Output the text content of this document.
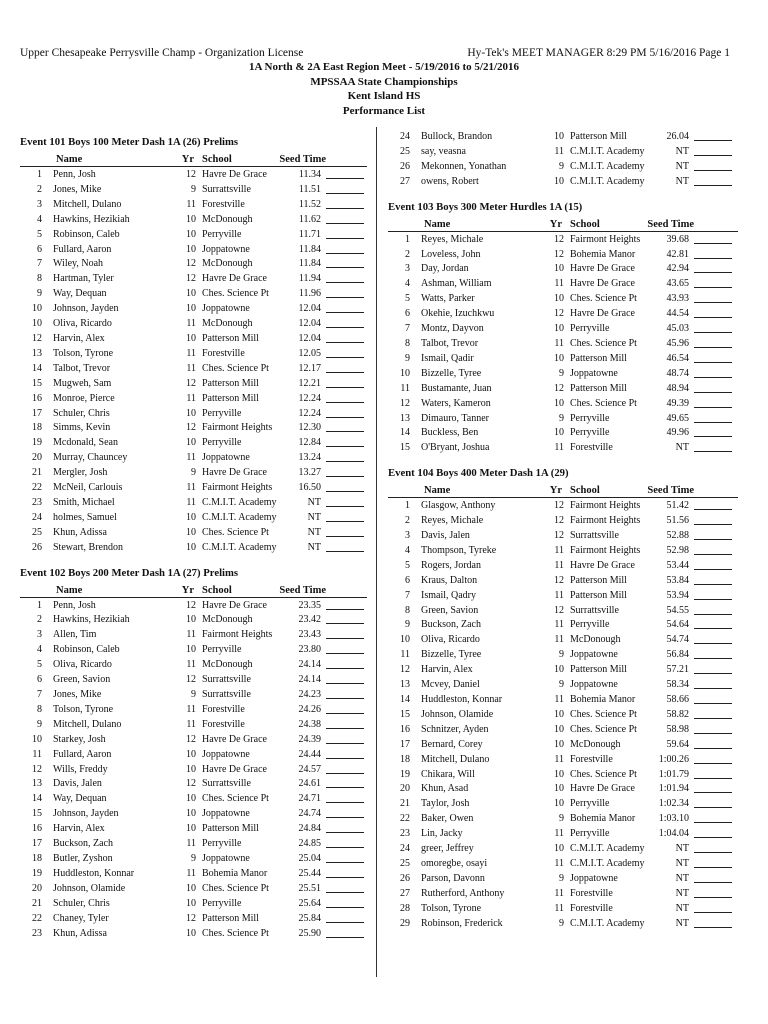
Upper Chesapeake Perrysville Champ - Organization License	Hy-Tek's MEET MANAGER 8:29 PM 5/16/2016 Page 1
1A North & 2A East Region Meet - 5/19/2016 to 5/21/2016
MPSSAA State Championships
Kent Island HS
Performance List
Event 101 Boys 100 Meter Dash 1A (26) Prelims
Name	Yr School	Seed Time
1 Penn, Josh	12 Havre De Grace	11.34
2 Jones, Mike	9 Surrattsville	11.51
3 Mitchell, Dulano	11 Forestville	11.52
4 Hawkins, Hezikiah	10 McDonough	11.62
5 Robinson, Caleb	10 Perryville	11.71
6 Fullard, Aaron	10 Joppatowne	11.84
7 Wiley, Noah	12 McDonough	11.84
8 Hartman, Tyler	12 Havre De Grace	11.94
9 Way, Dequan	10 Ches. Science Pt	11.96
10 Johnson, Jayden	10 Joppatowne	12.04
10 Oliva, Ricardo	11 McDonough	12.04
12 Harvin, Alex	10 Patterson Mill	12.04
13 Tolson, Tyrone	11 Forestville	12.05
14 Talbot, Trevor	11 Ches. Science Pt	12.17
15 Mugweh, Sam	12 Patterson Mill	12.21
16 Monroe, Pierce	11 Patterson Mill	12.24
17 Schuler, Chris	10 Perryville	12.24
18 Simms, Kevin	12 Fairmont Heights	12.30
19 Mcdonald, Sean	10 Perryville	12.84
20 Murray, Chauncey	11 Joppatowne	13.24
21 Mergler, Josh	9 Havre De Grace	13.27
22 McNeil, Carlouis	11 Fairmont Heights	16.50
23 Smith, Michael	11 C.M.I.T. Academy	NT
24 holmes, Samuel	10 C.M.I.T. Academy	NT
25 Khun, Adissa	10 Ches. Science Pt	NT
26 Stewart, Brendon	10 C.M.I.T. Academy	NT
Event 102 Boys 200 Meter Dash 1A (27) Prelims
Name	Yr School	Seed Time
1 Penn, Josh	12 Havre De Grace	23.35
2 Hawkins, Hezikiah	10 McDonough	23.42
3 Allen, Tim	11 Fairmont Heights	23.43
4 Robinson, Caleb	10 Perryville	23.80
5 Oliva, Ricardo	11 McDonough	24.14
6 Green, Savion	12 Surrattsville	24.14
7 Jones, Mike	9 Surrattsville	24.23
8 Tolson, Tyrone	11 Forestville	24.26
9 Mitchell, Dulano	11 Forestville	24.38
10 Starkey, Josh	12 Havre De Grace	24.39
11 Fullard, Aaron	10 Joppatowne	24.44
12 Wills, Freddy	10 Havre De Grace	24.57
13 Davis, Jalen	12 Surrattsville	24.61
14 Way, Dequan	10 Ches. Science Pt	24.71
15 Johnson, Jayden	10 Joppatowne	24.74
16 Harvin, Alex	10 Patterson Mill	24.84
17 Buckson, Zach	11 Perryville	24.85
18 Butler, Zyshon	9 Joppatowne	25.04
19 Huddleston, Konnar	11 Bohemia Manor	25.44
20 Johnson, Olamide	10 Ches. Science Pt	25.51
21 Schuler, Chris	10 Perryville	25.64
22 Chaney, Tyler	12 Patterson Mill	25.84
23 Khun, Adissa	10 Ches. Science Pt	25.90
24 Bullock, Brandon	10 Patterson Mill	26.04
25 say, veasna	11 C.M.I.T. Academy	NT
26 Mekonnen, Yonathan	9 C.M.I.T. Academy	NT
27 owens, Robert	10 C.M.I.T. Academy	NT
Event 103 Boys 300 Meter Hurdles 1A (15)
Name	Yr School	Seed Time
1 Reyes, Michale	12 Fairmont Heights	39.68
2 Loveless, John	12 Bohemia Manor	42.81
3 Day, Jordan	10 Havre De Grace	42.94
4 Ashman, William	11 Havre De Grace	43.65
5 Watts, Parker	10 Ches. Science Pt	43.93
6 Okehie, Izuchkwu	12 Havre De Grace	44.54
7 Montz, Dayvon	10 Perryville	45.03
8 Talbot, Trevor	11 Ches. Science Pt	45.96
9 Ismail, Qadir	10 Patterson Mill	46.54
10 Bizzelle, Tyree	9 Joppatowne	48.74
11 Bustamante, Juan	12 Patterson Mill	48.94
12 Waters, Kameron	10 Ches. Science Pt	49.39
13 Dimauro, Tanner	9 Perryville	49.65
14 Buckless, Ben	10 Perryville	49.96
15 O'Bryant, Joshua	11 Forestville	NT
Event 104 Boys 400 Meter Dash 1A (29)
Name	Yr School	Seed Time
1 Glasgow, Anthony	12 Fairmont Heights	51.42
2 Reyes, Michale	12 Fairmont Heights	51.56
3 Davis, Jalen	12 Surrattsville	52.88
4 Thompson, Tyreke	11 Fairmont Heights	52.98
5 Rogers, Jordan	11 Havre De Grace	53.44
6 Kraus, Dalton	12 Patterson Mill	53.84
7 Ismail, Qadry	11 Patterson Mill	53.94
8 Green, Savion	12 Surrattsville	54.55
9 Buckson, Zach	11 Perryville	54.64
10 Oliva, Ricardo	11 McDonough	54.74
11 Bizzelle, Tyree	9 Joppatowne	56.84
12 Harvin, Alex	10 Patterson Mill	57.21
13 Mcvey, Daniel	9 Joppatowne	58.34
14 Huddleston, Konnar	11 Bohemia Manor	58.66
15 Johnson, Olamide	10 Ches. Science Pt	58.82
16 Schnitzer, Ayden	10 Ches. Science Pt	58.98
17 Bernard, Corey	10 McDonough	59.64
18 Mitchell, Dulano	11 Forestville	1:00.26
19 Chikara, Will	10 Ches. Science Pt	1:01.79
20 Khun, Asad	10 Havre De Grace	1:01.94
21 Taylor, Josh	10 Perryville	1:02.34
22 Baker, Owen	9 Bohemia Manor	1:03.10
23 Lin, Jacky	11 Perryville	1:04.04
24 greer, Jeffrey	10 C.M.I.T. Academy	NT
25 omoregbe, osayi	11 C.M.I.T. Academy	NT
26 Parson, Davonn	9 Joppatowne	NT
27 Rutherford, Anthony	11 Forestville	NT
28 Tolson, Tyrone	11 Forestville	NT
29 Robinson, Frederick	9 C.M.I.T. Academy	NT
